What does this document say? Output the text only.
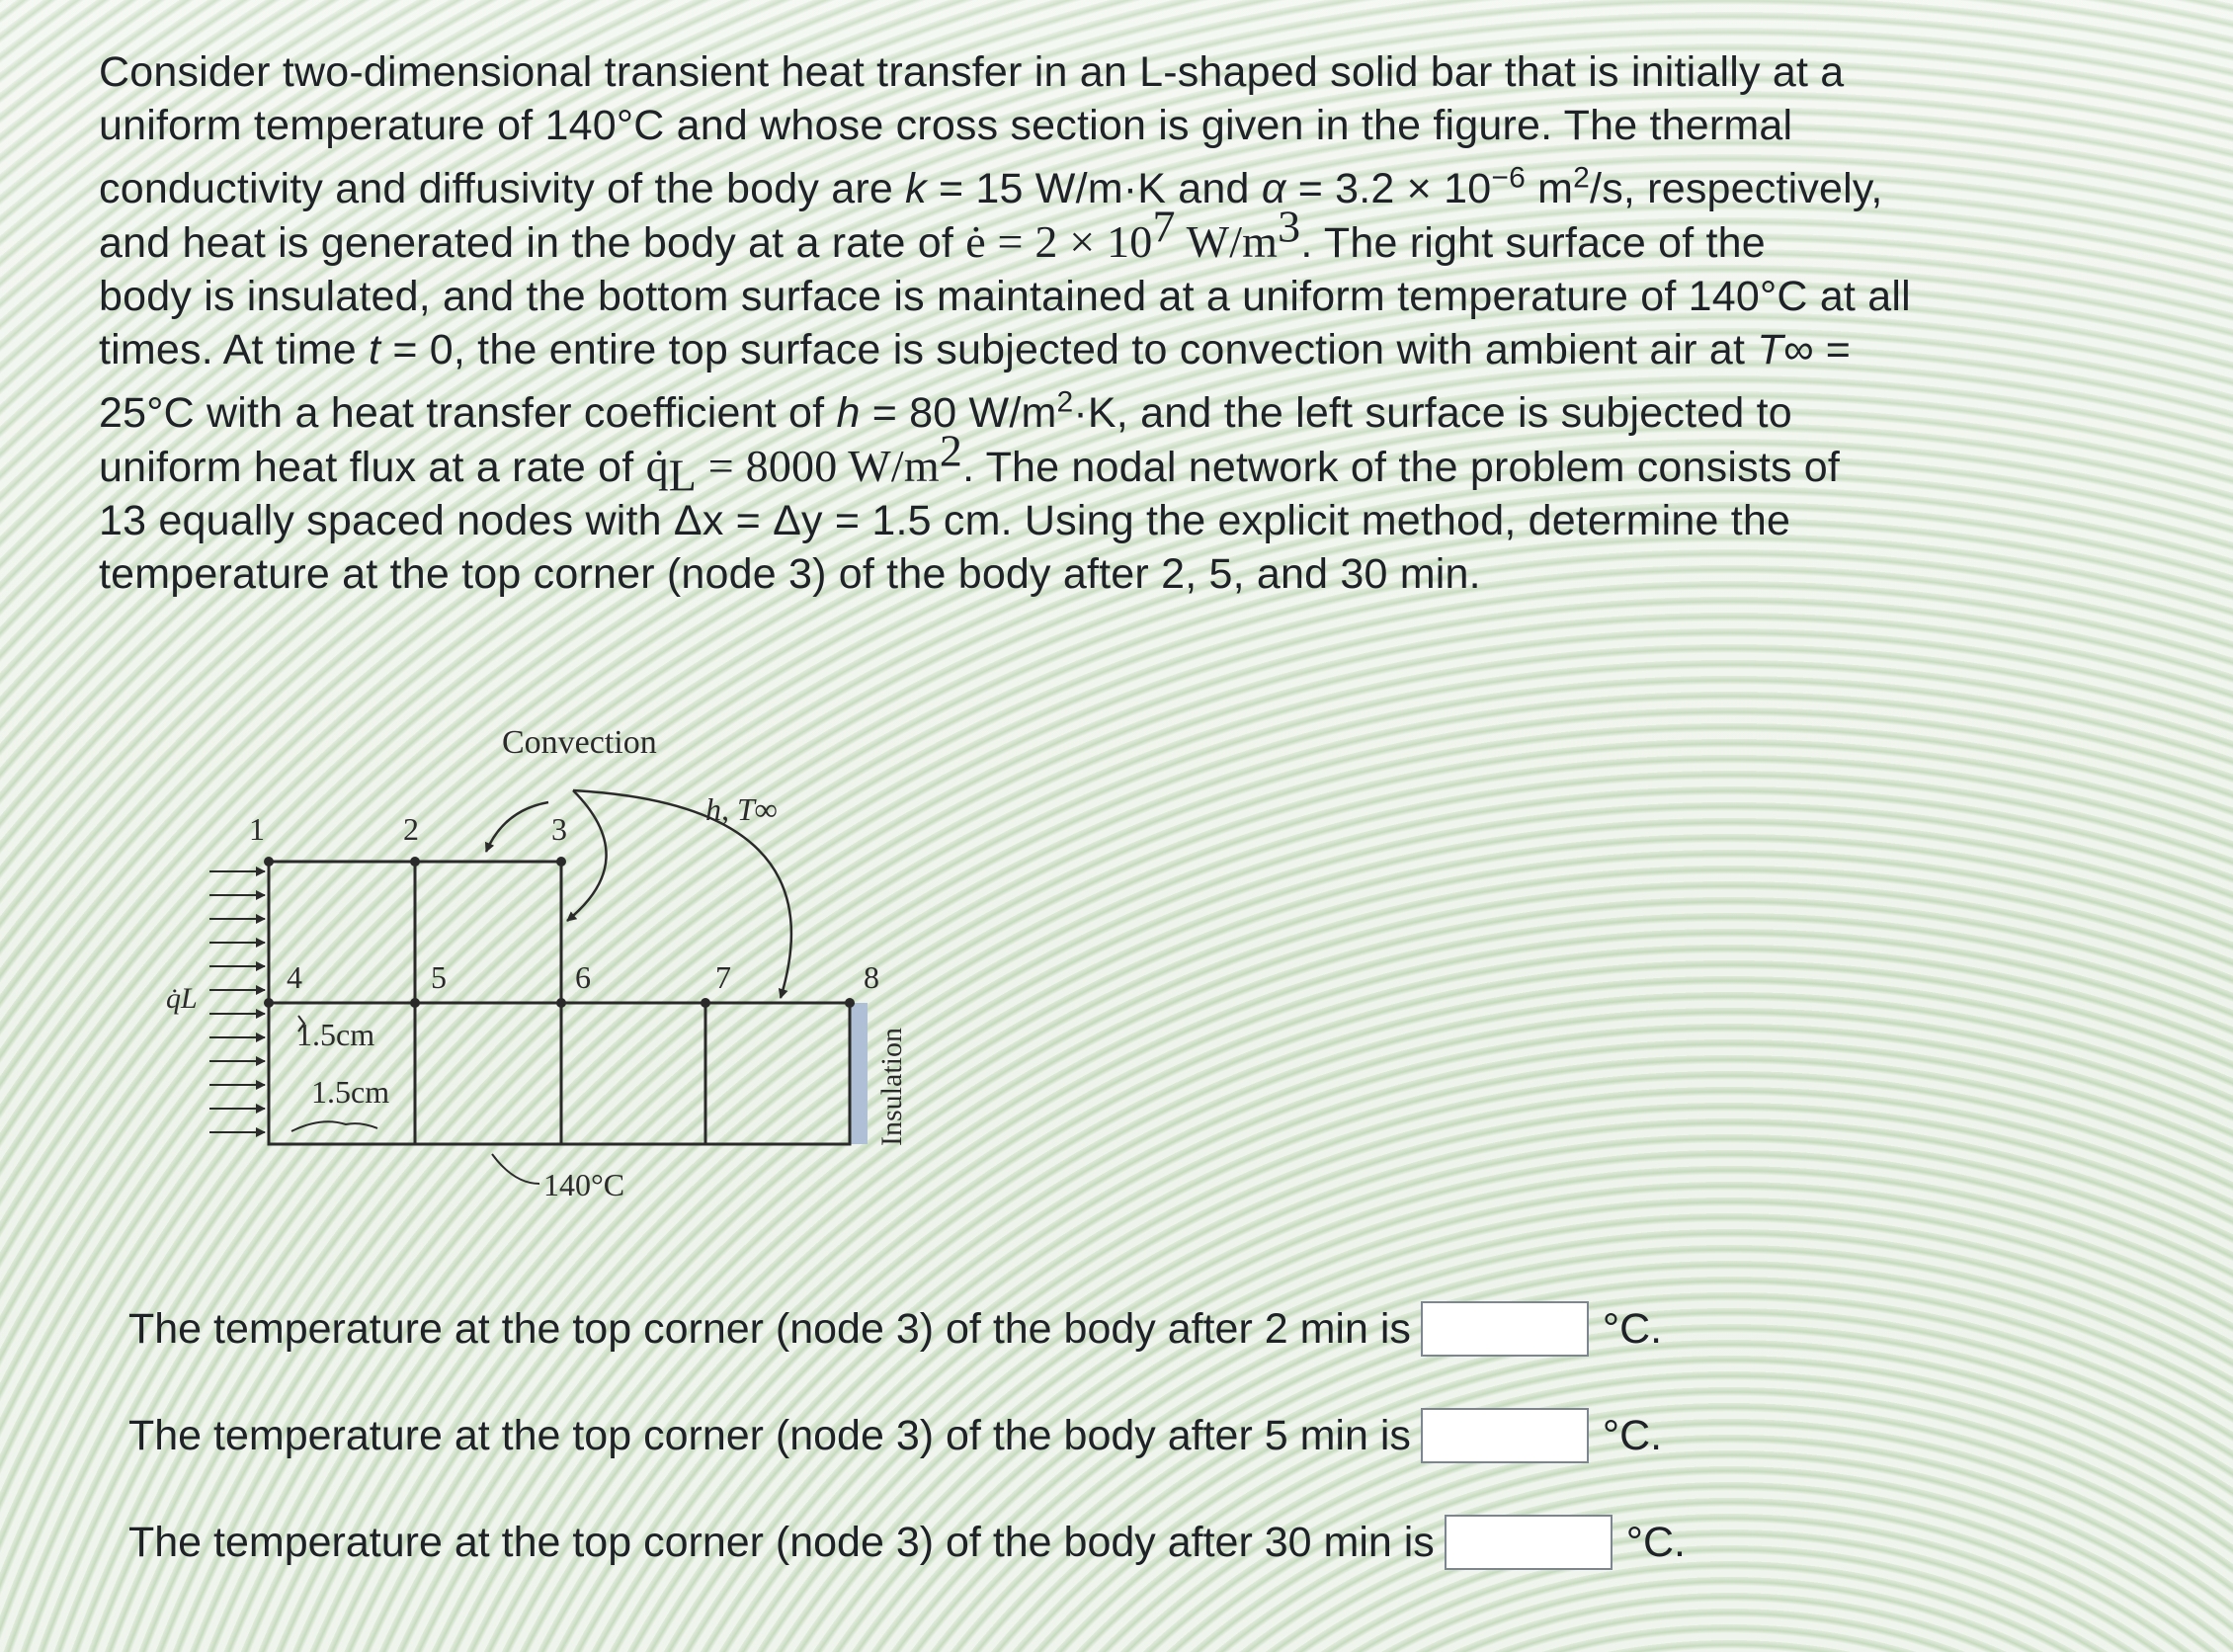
Consider two-dimensional transient heat transfer in an L-shaped solid bar that is initially at a
uniform temperature of 140°C and whose cross section is given in the figure. The thermal
conductivity and diffusivity of the body are k = 15 W/m·K and $\alpha = 3.2 \times 10^{-6}$ $m^2/s$, respectively,
and heat is generated in the body at a rate of ė = $2 \times 10^7$ $W/m^3$. The right surface of the
body is insulated, and the bottom surface is maintained at a uniform temperature of 140°C at all
times. At time t = 0, the entire top surface is subjected to convection with ambient air at T∞ =
25°C with a heat transfer coefficient of h = 80 $W/m^2\cdot K$, and the left surface is subjected to
uniform heat flux at a rate of $q̇_L = 8000$ $W/m^2$. The nodal network of the problem consists of
13 equally spaced nodes with Δx = Δy = 1.5 cm. Using the explicit method, determine the
temperature at the top corner (node 3) of the body after 2, 5, and 30 min.
1	2	3
4	5	6	7	8
q̇L
Convection
h, T∞
1.5cm
1.5cm	Insulation
140°C
The temperature at the top corner (node 3) of the body after 2 min is	°C.
The temperature at the top corner (node 3) of the body after 5 min is	°C.
The temperature at the top corner (node 3) of the body after 30 min is	°C.
